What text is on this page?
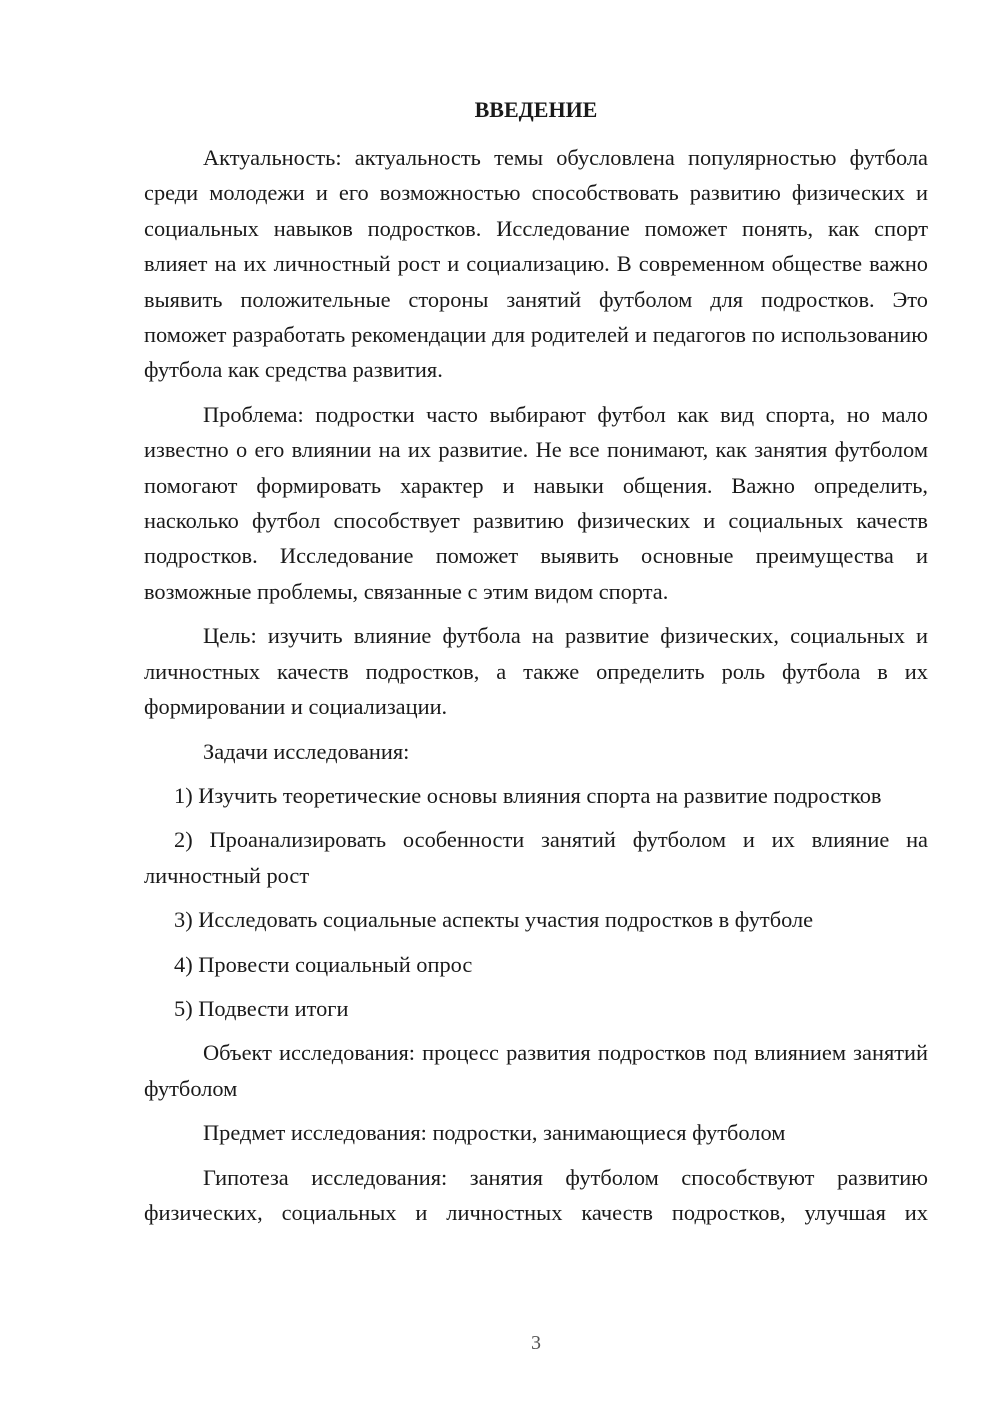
ВВЕДЕНИЕ

Актуальность: актуальность темы обусловлена популярностью футбола среди молодежи и его возможностью способствовать развитию физических и социальных навыков подростков. Исследование поможет понять, как спорт влияет на их личностный рост и социализацию. В современном обществе важно выявить положительные стороны занятий футболом для подростков. Это поможет разработать рекомендации для родителей и педагогов по использованию футбола как средства развития.

Проблема: подростки часто выбирают футбол как вид спорта, но мало известно о его влиянии на их развитие. Не все понимают, как занятия футболом помогают формировать характер и навыки общения. Важно определить, насколько футбол способствует развитию физических и социальных качеств подростков. Исследование поможет выявить основные преимущества и возможные проблемы, связанные с этим видом спорта.

Цель: изучить влияние футбола на развитие физических, социальных и личностных качеств подростков, а также определить роль футбола в их формировании и социализации.

Задачи исследования:

1) Изучить теоретические основы влияния спорта на развитие подростков

2) Проанализировать особенности занятий футболом и их влияние на личностный рост

3) Исследовать социальные аспекты участия подростков в футболе

4) Провести социальный опрос

5) Подвести итоги

Объект исследования: процесс развития подростков под влиянием занятий футболом

Предмет исследования: подростки, занимающиеся футболом

Гипотеза исследования: занятия футболом способствуют развитию физических, социальных и личностных качеств подростков, улучшая их

3
